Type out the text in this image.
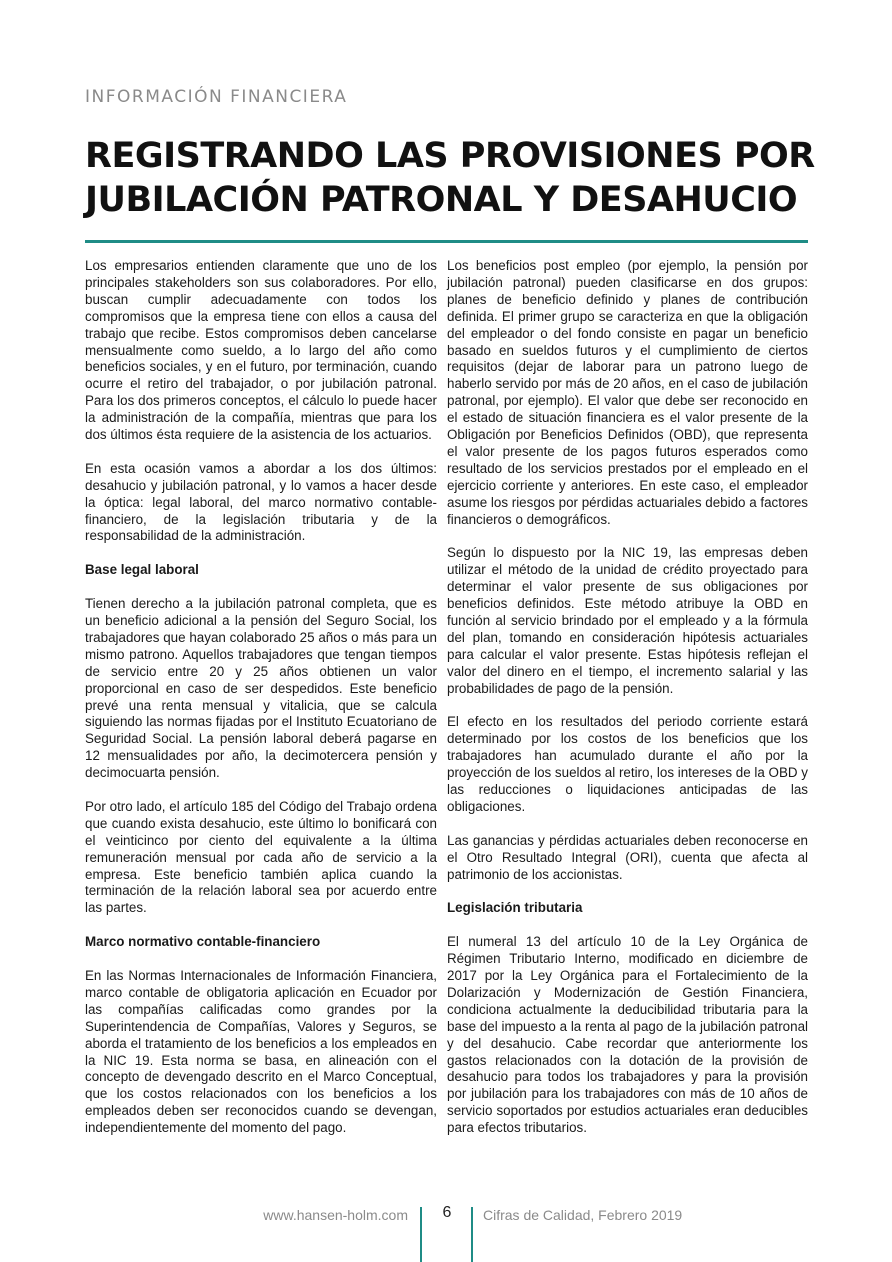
INFORMACIÓN FINANCIERA
REGISTRANDO LAS PROVISIONES POR
JUBILACIÓN PATRONAL Y DESAHUCIO

Los empresarios entienden claramente que uno de los principales stakeholders son sus colaboradores. Por ello, buscan cumplir adecuadamente con todos los compromisos que la empresa tiene con ellos a causa del trabajo que recibe. Estos compromisos deben cancelarse mensualmente como sueldo, a lo largo del año como beneficios sociales, y en el futuro, por terminación, cuando ocurre el retiro del trabajador, o por jubilación patronal. Para los dos primeros conceptos, el cálculo lo puede hacer la administración de la compañía, mientras que para los dos últimos ésta requiere de la asistencia de los actuarios.

En esta ocasión vamos a abordar a los dos últimos: desahucio y jubilación patronal, y lo vamos a hacer desde la óptica: legal laboral, del marco normativo contable-financiero, de la legislación tributaria y de la responsabilidad de la administración.

Base legal laboral

Tienen derecho a la jubilación patronal completa, que es un beneficio adicional a la pensión del Seguro Social, los trabajadores que hayan colaborado 25 años o más para un mismo patrono. Aquellos trabajadores que tengan tiempos de servicio entre 20 y 25 años obtienen un valor proporcional en caso de ser despedidos. Este beneficio prevé una renta mensual y vitalicia, que se calcula siguiendo las normas fijadas por el Instituto Ecuatoriano de Seguridad Social. La pensión laboral deberá pagarse en 12 mensualidades por año, la decimotercera pensión y decimocuarta pensión.

Por otro lado, el artículo 185 del Código del Trabajo ordena que cuando exista desahucio, este último lo bonificará con el veinticinco por ciento del equivalente a la última remuneración mensual por cada año de servicio a la empresa. Este beneficio también aplica cuando la terminación de la relación laboral sea por acuerdo entre las partes.

Marco normativo contable-financiero

En las Normas Internacionales de Información Financiera, marco contable de obligatoria aplicación en Ecuador por las compañías calificadas como grandes por la Superintendencia de Compañías, Valores y Seguros, se aborda el tratamiento de los beneficios a los empleados en la NIC 19. Esta norma se basa, en alineación con el concepto de devengado descrito en el Marco Conceptual, que los costos relacionados con los beneficios a los empleados deben ser reconocidos cuando se devengan, independientemente del momento del pago.

Los beneficios post empleo (por ejemplo, la pensión por jubilación patronal) pueden clasificarse en dos grupos: planes de beneficio definido y planes de contribución definida. El primer grupo se caracteriza en que la obligación del empleador o del fondo consiste en pagar un beneficio basado en sueldos futuros y el cumplimiento de ciertos requisitos (dejar de laborar para un patrono luego de haberlo servido por más de 20 años, en el caso de jubilación patronal, por ejemplo). El valor que debe ser reconocido en el estado de situación financiera es el valor presente de la Obligación por Beneficios Definidos (OBD), que representa el valor presente de los pagos futuros esperados como resultado de los servicios prestados por el empleado en el ejercicio corriente y anteriores. En este caso, el empleador asume los riesgos por pérdidas actuariales debido a factores financieros o demográficos.

Según lo dispuesto por la NIC 19, las empresas deben utilizar el método de la unidad de crédito proyectado para determinar el valor presente de sus obligaciones por beneficios definidos. Este método atribuye la OBD en función al servicio brindado por el empleado y a la fórmula del plan, tomando en consideración hipótesis actuariales para calcular el valor presente. Estas hipótesis reflejan el valor del dinero en el tiempo, el incremento salarial y las probabilidades de pago de la pensión.

El efecto en los resultados del periodo corriente estará determinado por los costos de los beneficios que los trabajadores han acumulado durante el año por la proyección de los sueldos al retiro, los intereses de la OBD y las reducciones o liquidaciones anticipadas de las obligaciones.

Las ganancias y pérdidas actuariales deben reconocerse en el Otro Resultado Integral (ORI), cuenta que afecta al patrimonio de los accionistas.

Legislación tributaria

El numeral 13 del artículo 10 de la Ley Orgánica de Régimen Tributario Interno, modificado en diciembre de 2017 por la Ley Orgánica para el Fortalecimiento de la Dolarización y Modernización de Gestión Financiera, condiciona actualmente la deducibilidad tributaria para la base del impuesto a la renta al pago de la jubilación patronal y del desahucio. Cabe recordar que anteriormente los gastos relacionados con la dotación de la provisión de desahucio para todos los trabajadores y para la provisión por jubilación para los trabajadores con más de 10 años de servicio soportados por estudios actuariales eran deducibles para efectos tributarios.

www.hansen-holm.com	6	Cifras de Calidad, Febrero 2019
